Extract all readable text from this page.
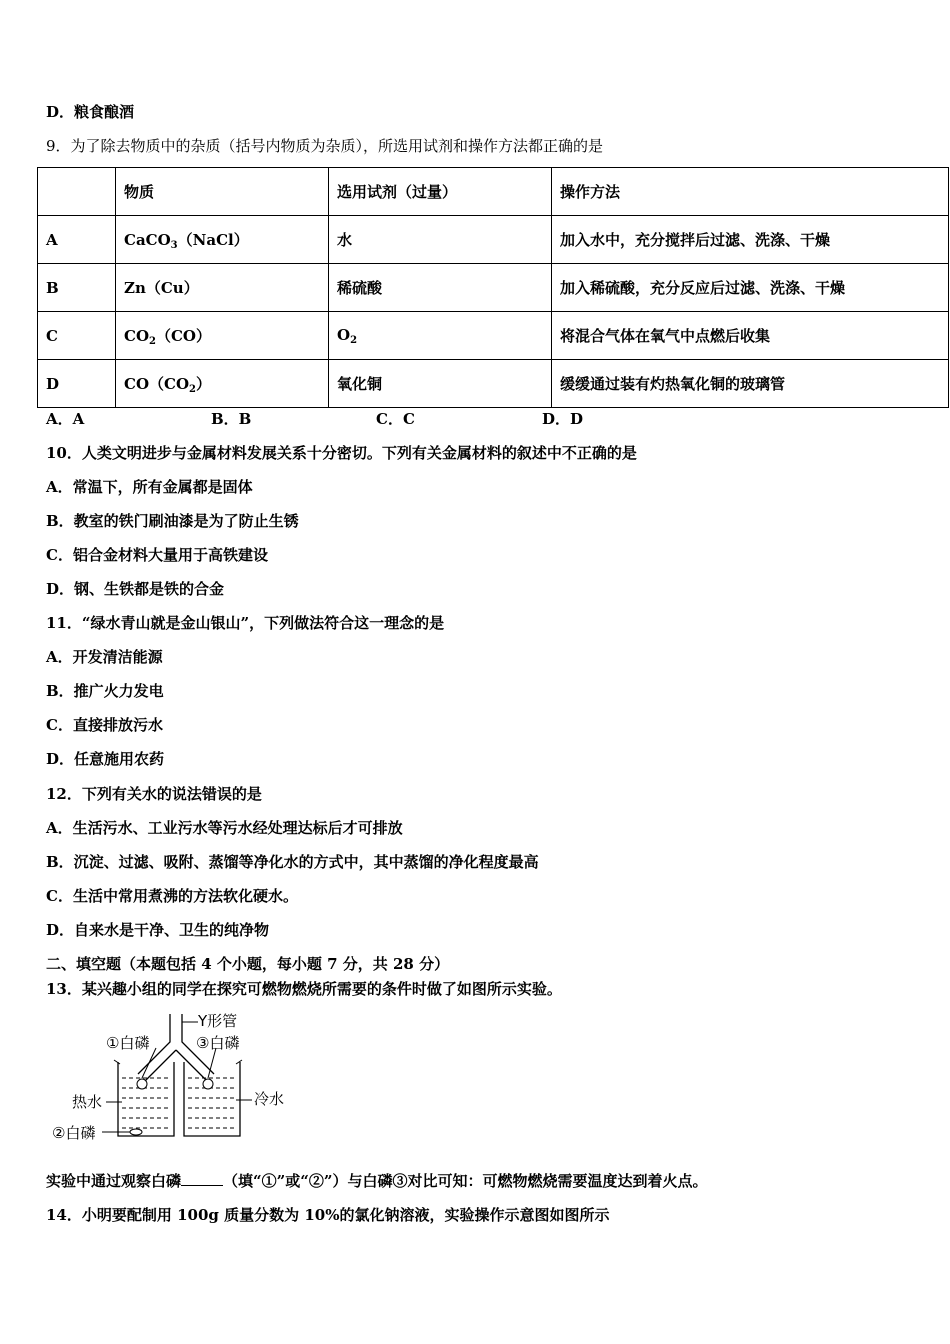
D．粮食酿酒
9．为了除去物质中的杂质（括号内物质为杂质），所选用试剂和操作方法都正确的是
	物质	选用试剂（过量）	操作方法
A	CaCO$_3$（NaCl）	水	加入水中，充分搅拌后过滤、洗涤、干燥
B	Zn（Cu）	稀硫酸	加入稀硫酸，充分反应后过滤、洗涤、干燥
C	$CO_2(CO)$	$O_2$	将混合气体在氧气中点燃后收集
D	$CO(CO_2)$	氧化铜	缓缓通过装有灼热氧化铜的玻璃管
A．A	B．B	C．C	D．D
10．人类文明进步与金属材料发展关系十分密切。下列有关金属材料的叙述中不正确的是
A．常温下，所有金属都是固体
B．教室的铁门刷油漆是为了防止生锈
C．铝合金材料大量用于高铁建设
D．钢、生铁都是铁的合金
11．“绿水青山就是金山银山”，下列做法符合这一理念的是
A．开发清洁能源
B．推广火力发电
C．直接排放污水
D．任意施用农药
12．下列有关水的说法错误的是
A．生活污水、工业污水等污水经处理达标后才可排放
B．沉淀、过滤、吸附、蒸馏等净化水的方式中，其中蒸馏的净化程度最高
C．生活中常用煮沸的方法软化硬水。
D．自来水是干净、卫生的纯净物
二、填空题（本题包括 4 个小题，每小题 7 分，共 28 分）
13．某兴趣小组的同学在探究可燃物燃烧所需要的条件时做了如图所示实验。
Y形管
①白磷	③白磷
热水	冷水
②白磷
实验中通过观察白磷	（填“①”或“②”）与白磷③对比可知：可燃物燃烧需要温度达到着火点。
14．小明要配制用 100g 质量分数为 10%的氯化钠溶液，实验操作示意图如图所示
